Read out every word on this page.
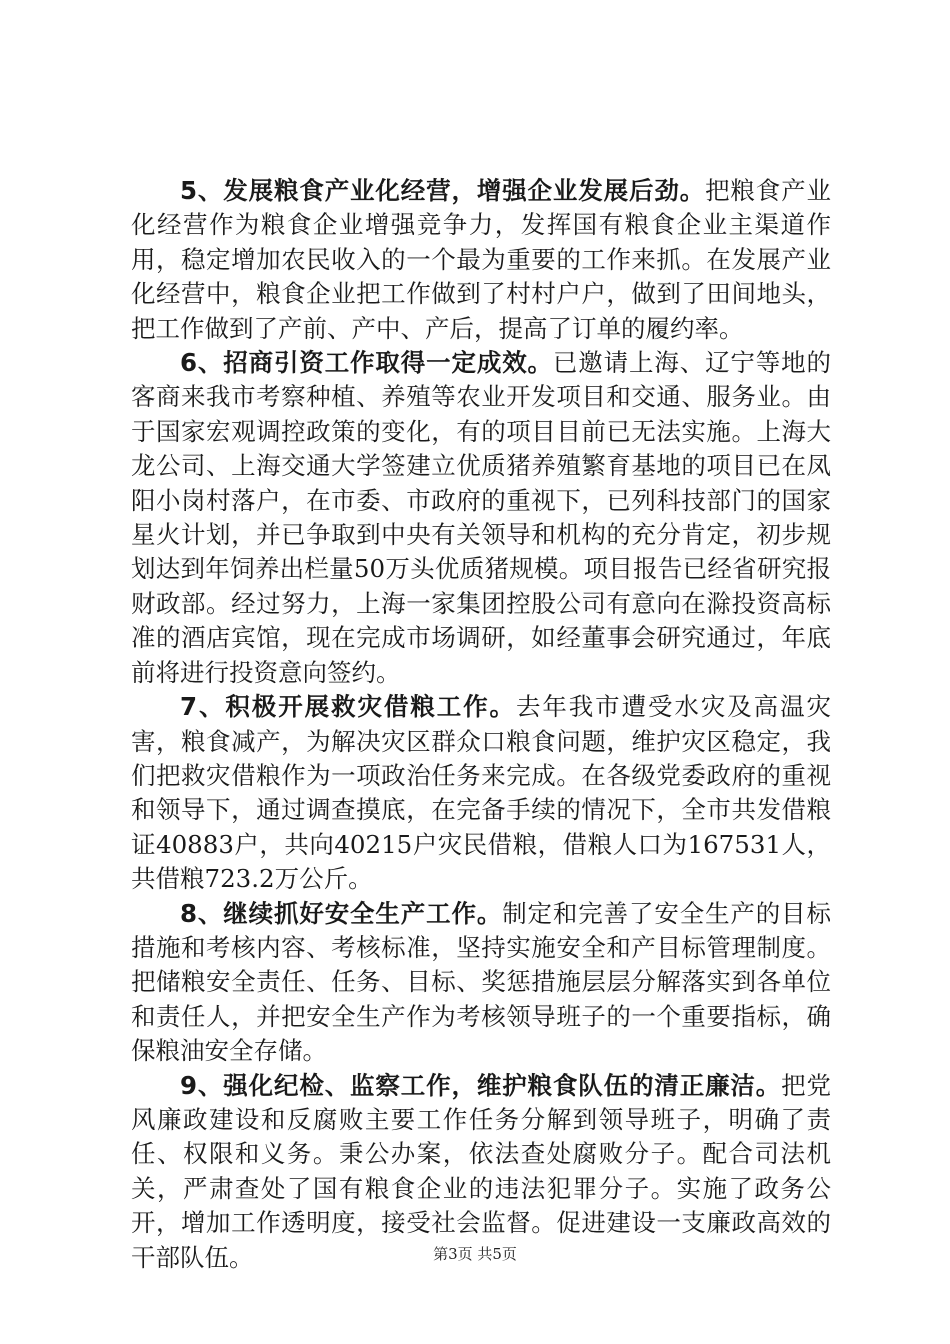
5、发展粮食产业化经营，增强企业发展后劲。把粮食产业化经营作为粮食企业增强竞争力，发挥国有粮食企业主渠道作用，稳定增加农民收入的一个最为重要的工作来抓。在发展产业化经营中，粮食企业把工作做到了村村户户，做到了田间地头，把工作做到了产前、产中、产后，提高了订单的履约率。

6、招商引资工作取得一定成效。已邀请上海、辽宁等地的客商来我市考察种植、养殖等农业开发项目和交通、服务业。由于国家宏观调控政策的变化，有的项目目前已无法实施。上海大龙公司、上海交通大学签建立优质猪养殖繁育基地的项目已在凤阳小岗村落户，在市委、市政府的重视下，已列科技部门的国家星火计划，并已争取到中央有关领导和机构的充分肯定，初步规划达到年饲养出栏量50万头优质猪规模。项目报告已经省研究报财政部。经过努力，上海一家集团控股公司有意向在滁投资高标准的酒店宾馆，现在完成市场调研，如经董事会研究通过，年底前将进行投资意向签约。

7、积极开展救灾借粮工作。去年我市遭受水灾及高温灾害，粮食减产，为解决灾区群众口粮食问题，维护灾区稳定，我们把救灾借粮作为一项政治任务来完成。在各级党委政府的重视和领导下，通过调查摸底，在完备手续的情况下，全市共发借粮证40883户，共向40215户灾民借粮，借粮人口为167531人，共借粮723.2万公斤。

8、继续抓好安全生产工作。制定和完善了安全生产的目标措施和考核内容、考核标准，坚持实施安全和产目标管理制度。把储粮安全责任、任务、目标、奖惩措施层层分解落实到各单位和责任人，并把安全生产作为考核领导班子的一个重要指标，确保粮油安全存储。

9、强化纪检、监察工作，维护粮食队伍的清正廉洁。把党风廉政建设和反腐败主要工作任务分解到领导班子，明确了责任、权限和义务。秉公办案，依法查处腐败分子。配合司法机关，严肃查处了国有粮食企业的违法犯罪分子。实施了政务公开，增加工作透明度，接受社会监督。促进建设一支廉政高效的干部队伍。	第3页 共5页
